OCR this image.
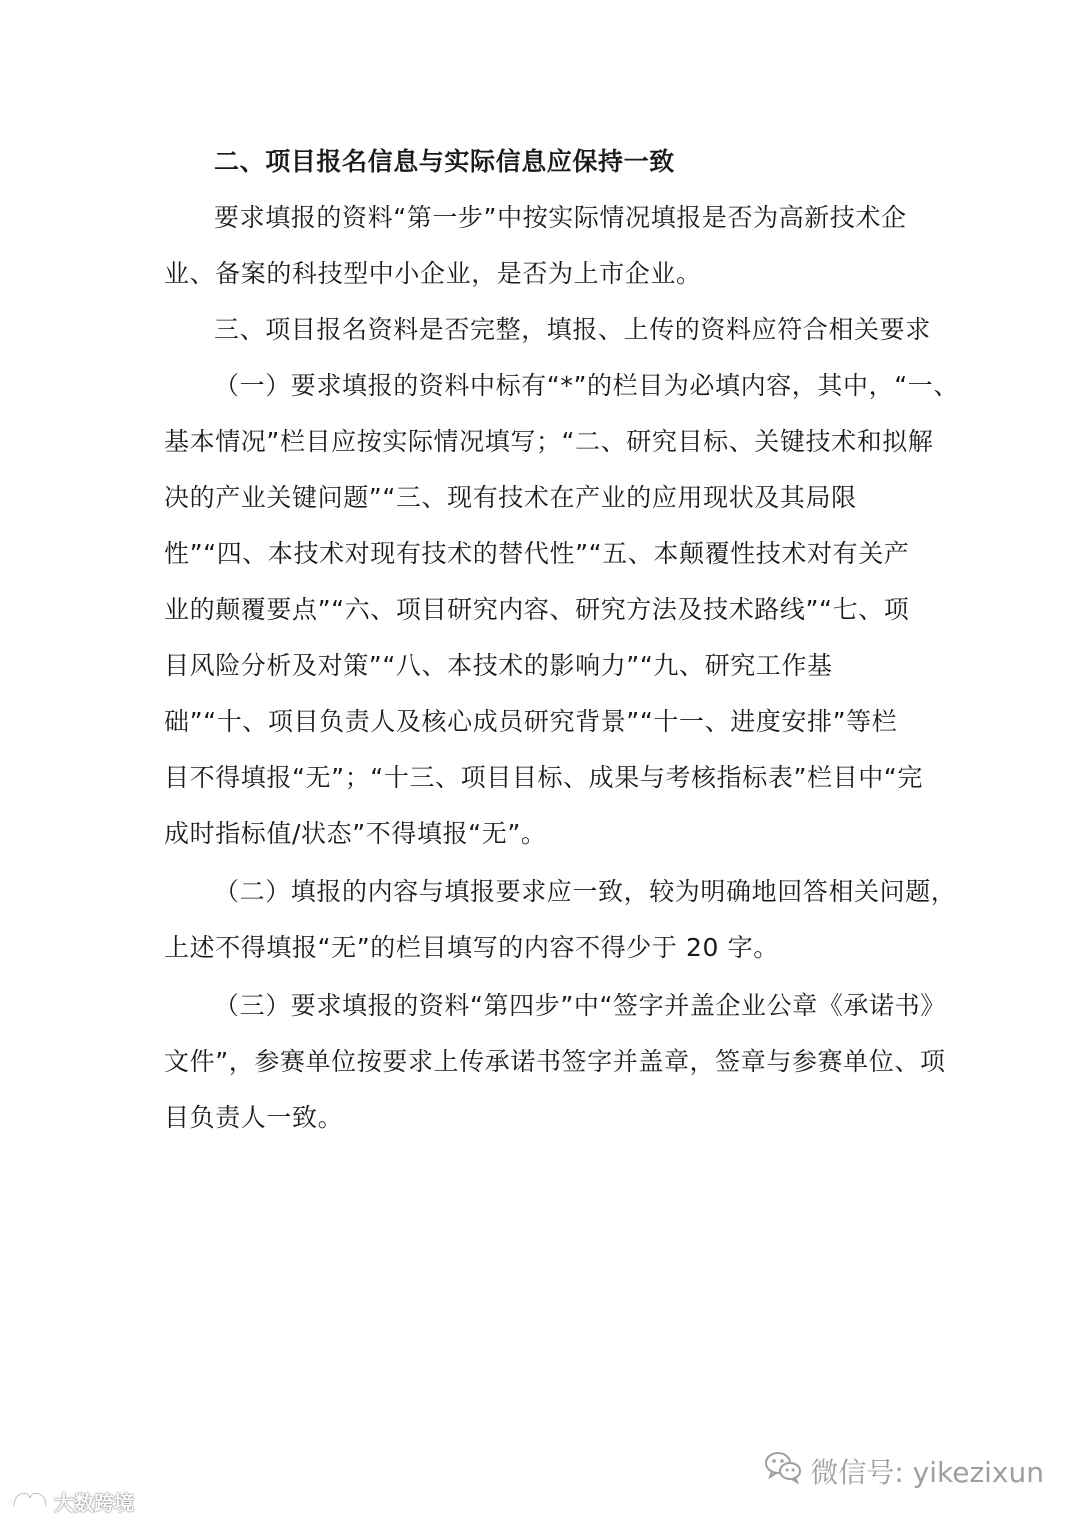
二、项目报名信息与实际信息应保持一致
要求填报的资料“第一步”中按实际情况填报是否为高新技术企
业、备案的科技型中小企业，是否为上市企业。
三、项目报名资料是否完整，填报、上传的资料应符合相关要求
（一）要求填报的资料中标有“*”的栏目为必填内容，其中，“一、
基本情况”栏目应按实际情况填写；“二、研究目标、关键技术和拟解
决的产业关键问题”“三、现有技术在产业的应用现状及其局限
性”“四、本技术对现有技术的替代性”“五、本颠覆性技术对有关产
业的颠覆要点”“六、项目研究内容、研究方法及技术路线”“七、项
目风险分析及对策”“八、本技术的影响力”“九、研究工作基
础”“十、项目负责人及核心成员研究背景”“十一、进度安排”等栏
目不得填报“无”；“十三、项目目标、成果与考核指标表”栏目中“完
成时指标值/状态”不得填报“无”。
（二）填报的内容与填报要求应一致，较为明确地回答相关问题，
上述不得填报“无”的栏目填写的内容不得少于 20 字。
（三）要求填报的资料“第四步”中“签字并盖企业公章《承诺书》
文件”，参赛单位按要求上传承诺书签字并盖章，签章与参赛单位、项
目负责人一致。
微信号: yikezixun
大数跨境
